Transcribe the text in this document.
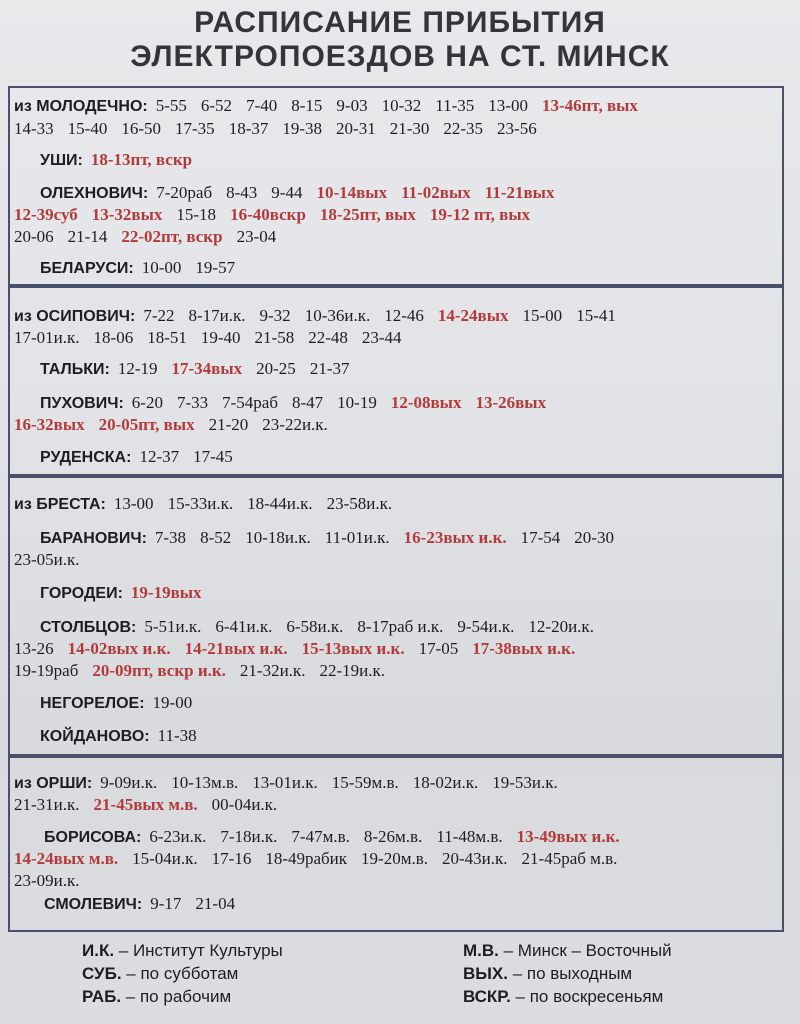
РАСПИСАНИЕ ПРИБЫТИЯ
ЭЛЕКТРОПОЕЗДОВ НА СТ. МИНСК
из МОЛОДЕЧНО: 5-55 6-52 7-40 8-15 9-03 10-32 11-35 13-00 13-46пт, вых
14-33 15-40 16-50 17-35 18-37 19-38 20-31 21-30 22-35 23-56
УШИ: 18-13пт, вскр
ОЛЕХНОВИЧ: 7-20раб 8-43 9-44 10-14вых 11-02вых 11-21вых
12-39суб 13-32вых 15-18 16-40вскр 18-25пт, вых 19-12 пт, вых
20-06 21-14 22-02пт, вскр 23-04
БЕЛАРУСИ: 10-00 19-57
из ОСИПОВИЧ: 7-22 8-17и.к. 9-32 10-36и.к. 12-46 14-24вых 15-00 15-41
17-01и.к. 18-06 18-51 19-40 21-58 22-48 23-44
ТАЛЬКИ: 12-19 17-34вых 20-25 21-37
ПУХОВИЧ: 6-20 7-33 7-54раб 8-47 10-19 12-08вых 13-26вых
16-32вых 20-05пт, вых 21-20 23-22и.к.
РУДЕНСКА: 12-37 17-45
из БРЕСТА: 13-00 15-33и.к. 18-44и.к. 23-58и.к.
БАРАНОВИЧ: 7-38 8-52 10-18и.к. 11-01и.к. 16-23вых и.к. 17-54 20-30
23-05и.к.
ГОРОДЕИ: 19-19вых
СТОЛБЦОВ: 5-51и.к. 6-41и.к. 6-58и.к. 8-17раб и.к. 9-54и.к. 12-20и.к.
13-26 14-02вых и.к. 14-21вых и.к. 15-13вых и.к. 17-05 17-38вых и.к.
19-19раб 20-09пт, вскр и.к. 21-32и.к. 22-19и.к.
НЕГОРЕЛОЕ: 19-00
КОЙДАНОВО: 11-38
из ОРШИ: 9-09и.к. 10-13м.в. 13-01и.к. 15-59м.в. 18-02и.к. 19-53и.к.
21-31и.к. 21-45вых м.в. 00-04и.к.
БОРИСОВА: 6-23и.к. 7-18и.к. 7-47м.в. 8-26м.в. 11-48м.в. 13-49вых и.к.
14-24вых м.в. 15-04и.к. 17-16 18-49рабик 19-20м.в. 20-43и.к. 21-45раб м.в.
23-09и.к.
СМОЛЕВИЧ: 9-17 21-04
И.К. – Институт Культуры
СУБ. – по субботам
РАБ. – по рабочим
М.В. – Минск – Восточный
ВЫХ. – по выходным
ВСКР. – по воскресеньям
